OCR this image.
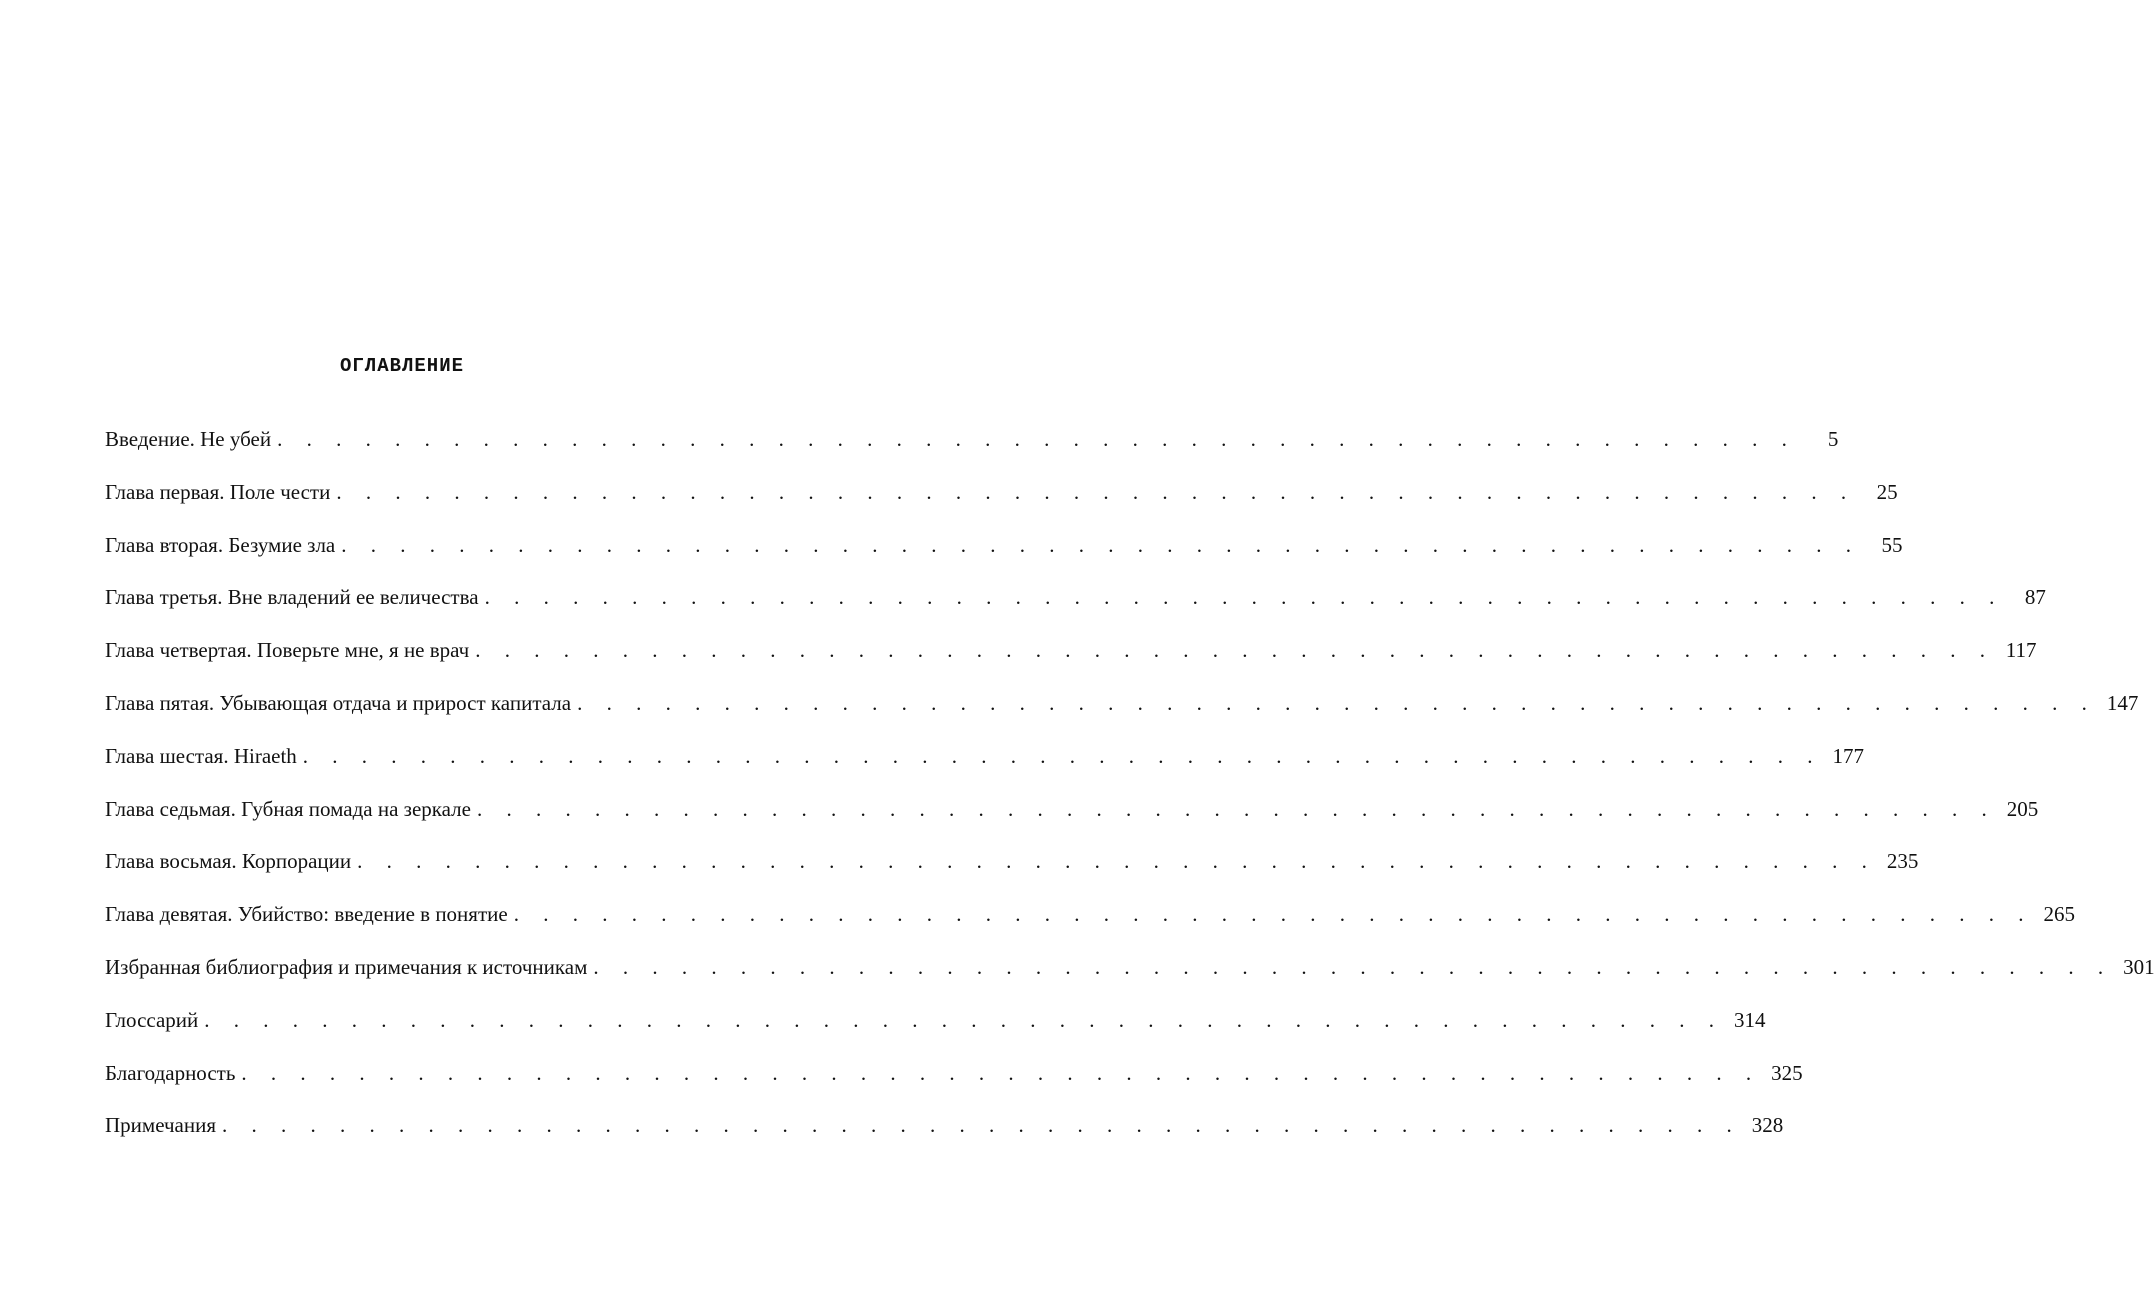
ОГЛАВЛЕНИЕ
Введение. Не убей . . . . . . . . . . . . . . . . . . . . . . . . . . . . . . . . . . . . . . . . . . . . . . . . . . . .	5
Глава первая. Поле чести . . . . . . . . . . . . . . . . . . . . . . . . . . . . . . . . . . . . . . . . . . . . . . . . . . . .	25
Глава вторая. Безумие зла . . . . . . . . . . . . . . . . . . . . . . . . . . . . . . . . . . . . . . . . . . . . . . . . . . . .	55
Глава третья. Вне владений ее величества . . . . . . . . . . . . . . . . . . . . . . . . . . . . . . . . . . . . . . . . . . . . . . . . . . . .	87
Глава четвертая. Поверьте мне, я не врач . . . . . . . . . . . . . . . . . . . . . . . . . . . . . . . . . . . . . . . . . . . . . . . . . . . . 117
Глава пятая. Убывающая отдача и прирост капитала . . . . . . . . . . . . . . . . . . . . . . . . . . . . . . . . . . . . . . . . . . . . . . . . . . . . 147
Глава шестая. Hiraeth . . . . . . . . . . . . . . . . . . . . . . . . . . . . . . . . . . . . . . . . . . . . . . . . . . . . 177
Глава седьмая. Губная помада на зеркале . . . . . . . . . . . . . . . . . . . . . . . . . . . . . . . . . . . . . . . . . . . . . . . . . . . . 205
Глава восьмая. Корпорации . . . . . . . . . . . . . . . . . . . . . . . . . . . . . . . . . . . . . . . . . . . . . . . . . . . . 235
Глава девятая. Убийство: введение в понятие . . . . . . . . . . . . . . . . . . . . . . . . . . . . . . . . . . . . . . . . . . . . . . . . . . . . 265
Избранная библиография и примечания к источникам . . . . . . . . . . . . . . . . . . . . . . . . . . . . . . . . . . . . . . . . . . . . . . . . . . . . 301
Глоссарий . . . . . . . . . . . . . . . . . . . . . . . . . . . . . . . . . . . . . . . . . . . . . . . . . . . . 314
Благодарность . . . . . . . . . . . . . . . . . . . . . . . . . . . . . . . . . . . . . . . . . . . . . . . . . . . . 325
Примечания . . . . . . . . . . . . . . . . . . . . . . . . . . . . . . . . . . . . . . . . . . . . . . . . . . . . 328
